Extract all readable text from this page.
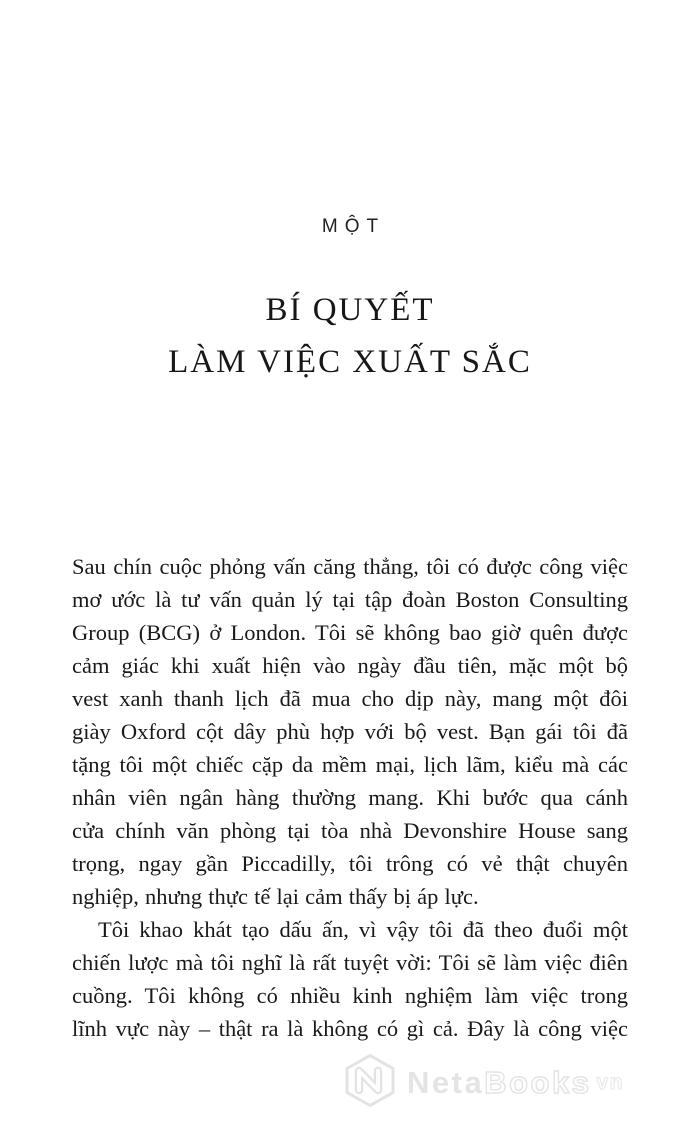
MỘT
BÍ QUYẾT
LÀM VIỆC XUẤT SẮC
Sau chín cuộc phỏng vấn căng thẳng, tôi có được công việc
mơ ước là tư vấn quản lý tại tập đoàn Boston Consulting
Group (BCG) ở London. Tôi sẽ không bao giờ quên được
cảm giác khi xuất hiện vào ngày đầu tiên, mặc một bộ
vest xanh thanh lịch đã mua cho dịp này, mang một đôi
giày Oxford cột dây phù hợp với bộ vest. Bạn gái tôi đã
tặng tôi một chiếc cặp da mềm mại, lịch lãm, kiểu mà các
nhân viên ngân hàng thường mang. Khi bước qua cánh
cửa chính văn phòng tại tòa nhà Devonshire House sang
trọng, ngay gần Piccadilly, tôi trông có vẻ thật chuyên
nghiệp, nhưng thực tế lại cảm thấy bị áp lực.
Tôi khao khát tạo dấu ấn, vì vậy tôi đã theo đuổi một
chiến lược mà tôi nghĩ là rất tuyệt vời: Tôi sẽ làm việc điên
cuồng. Tôi không có nhiều kinh nghiệm làm việc trong
lĩnh vực này – thật ra là không có gì cả. Đây là công việc
NetaBooks vn
